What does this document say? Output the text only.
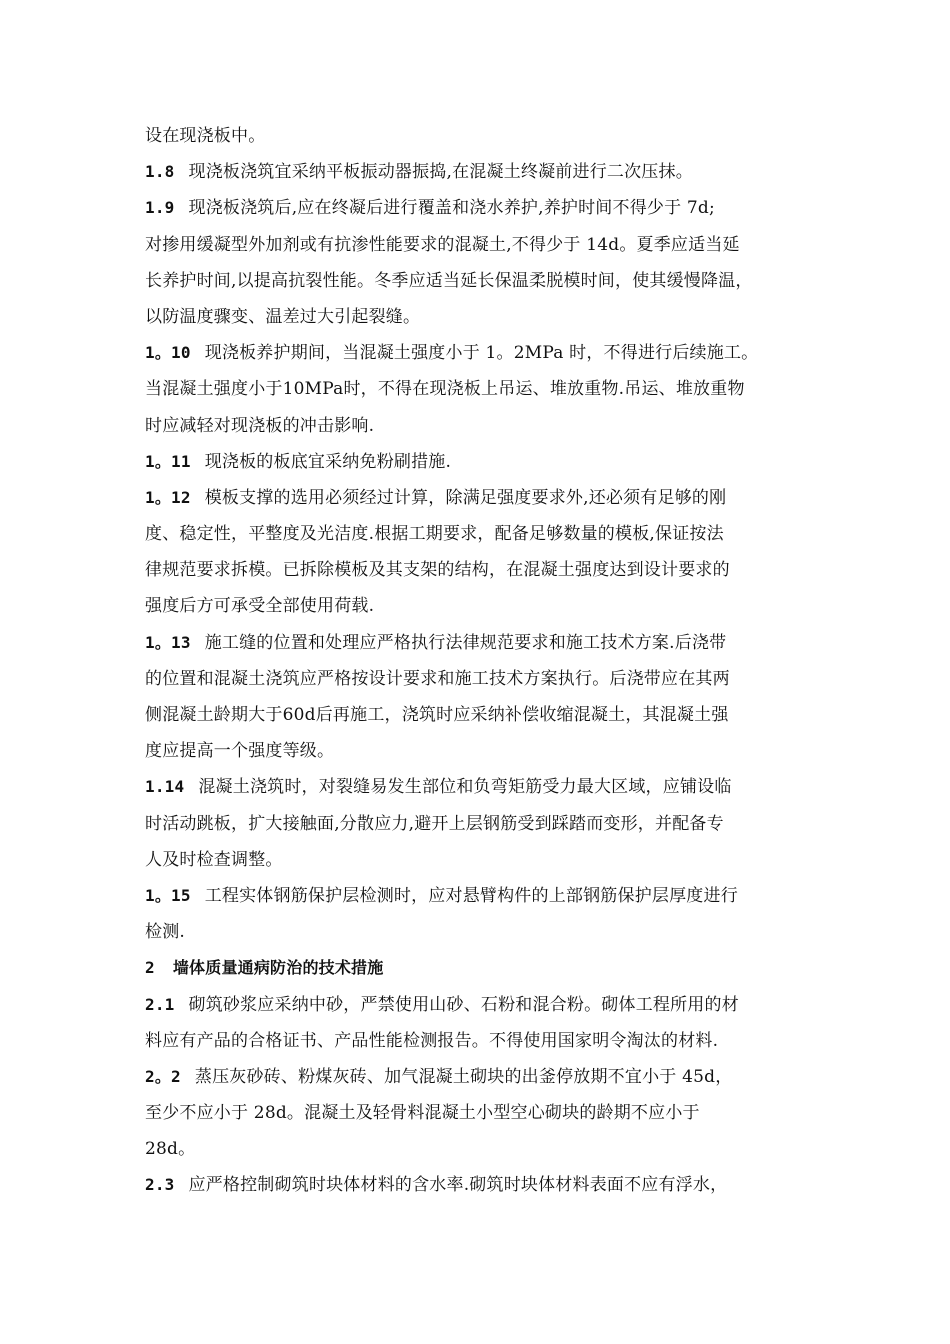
设在现浇板中。
1.8 现浇板浇筑宜采纳平板振动器振捣,在混凝土终凝前进行二次压抹。
1.9 现浇板浇筑后,应在终凝后进行覆盖和浇水养护,养护时间不得少于 7d;
对掺用缓凝型外加剂或有抗渗性能要求的混凝土,不得少于 14d。夏季应适当延
长养护时间,以提高抗裂性能。冬季应适当延长保温柔脱模时间，使其缓慢降温，
以防温度骤变、温差过大引起裂缝。
1。10 现浇板养护期间，当混凝土强度小于 1。2MPa 时，不得进行后续施工。
当混凝土强度小于10MPa时，不得在现浇板上吊运、堆放重物.吊运、堆放重物
时应减轻对现浇板的冲击影响.
1。11 现浇板的板底宜采纳免粉刷措施.
1。12 模板支撑的选用必须经过计算，除满足强度要求外,还必须有足够的刚
度、稳定性，平整度及光洁度.根据工期要求，配备足够数量的模板,保证按法
律规范要求拆模。已拆除模板及其支架的结构，在混凝土强度达到设计要求的
强度后方可承受全部使用荷载.
1。13 施工缝的位置和处理应严格执行法律规范要求和施工技术方案.后浇带
的位置和混凝土浇筑应严格按设计要求和施工技术方案执行。后浇带应在其两
侧混凝土龄期大于60d后再施工，浇筑时应采纳补偿收缩混凝土，其混凝土强
度应提高一个强度等级。
1.14 混凝土浇筑时，对裂缝易发生部位和负弯矩筋受力最大区域，应铺设临
时活动跳板，扩大接触面,分散应力,避开上层钢筋受到踩踏而变形，并配备专
人及时检查调整。
1。15 工程实体钢筋保护层检测时，应对悬臂构件的上部钢筋保护层厚度进行
检测.
2 墙体质量通病防治的技术措施
2.1 砌筑砂浆应采纳中砂，严禁使用山砂、石粉和混合粉。砌体工程所用的材
料应有产品的合格证书、产品性能检测报告。不得使用国家明令淘汰的材料.
2。2 蒸压灰砂砖、粉煤灰砖、加气混凝土砌块的出釜停放期不宜小于 45d，
至少不应小于 28d。混凝土及轻骨料混凝土小型空心砌块的龄期不应小于
28d。
2.3 应严格控制砌筑时块体材料的含水率.砌筑时块体材料表面不应有浮水，
